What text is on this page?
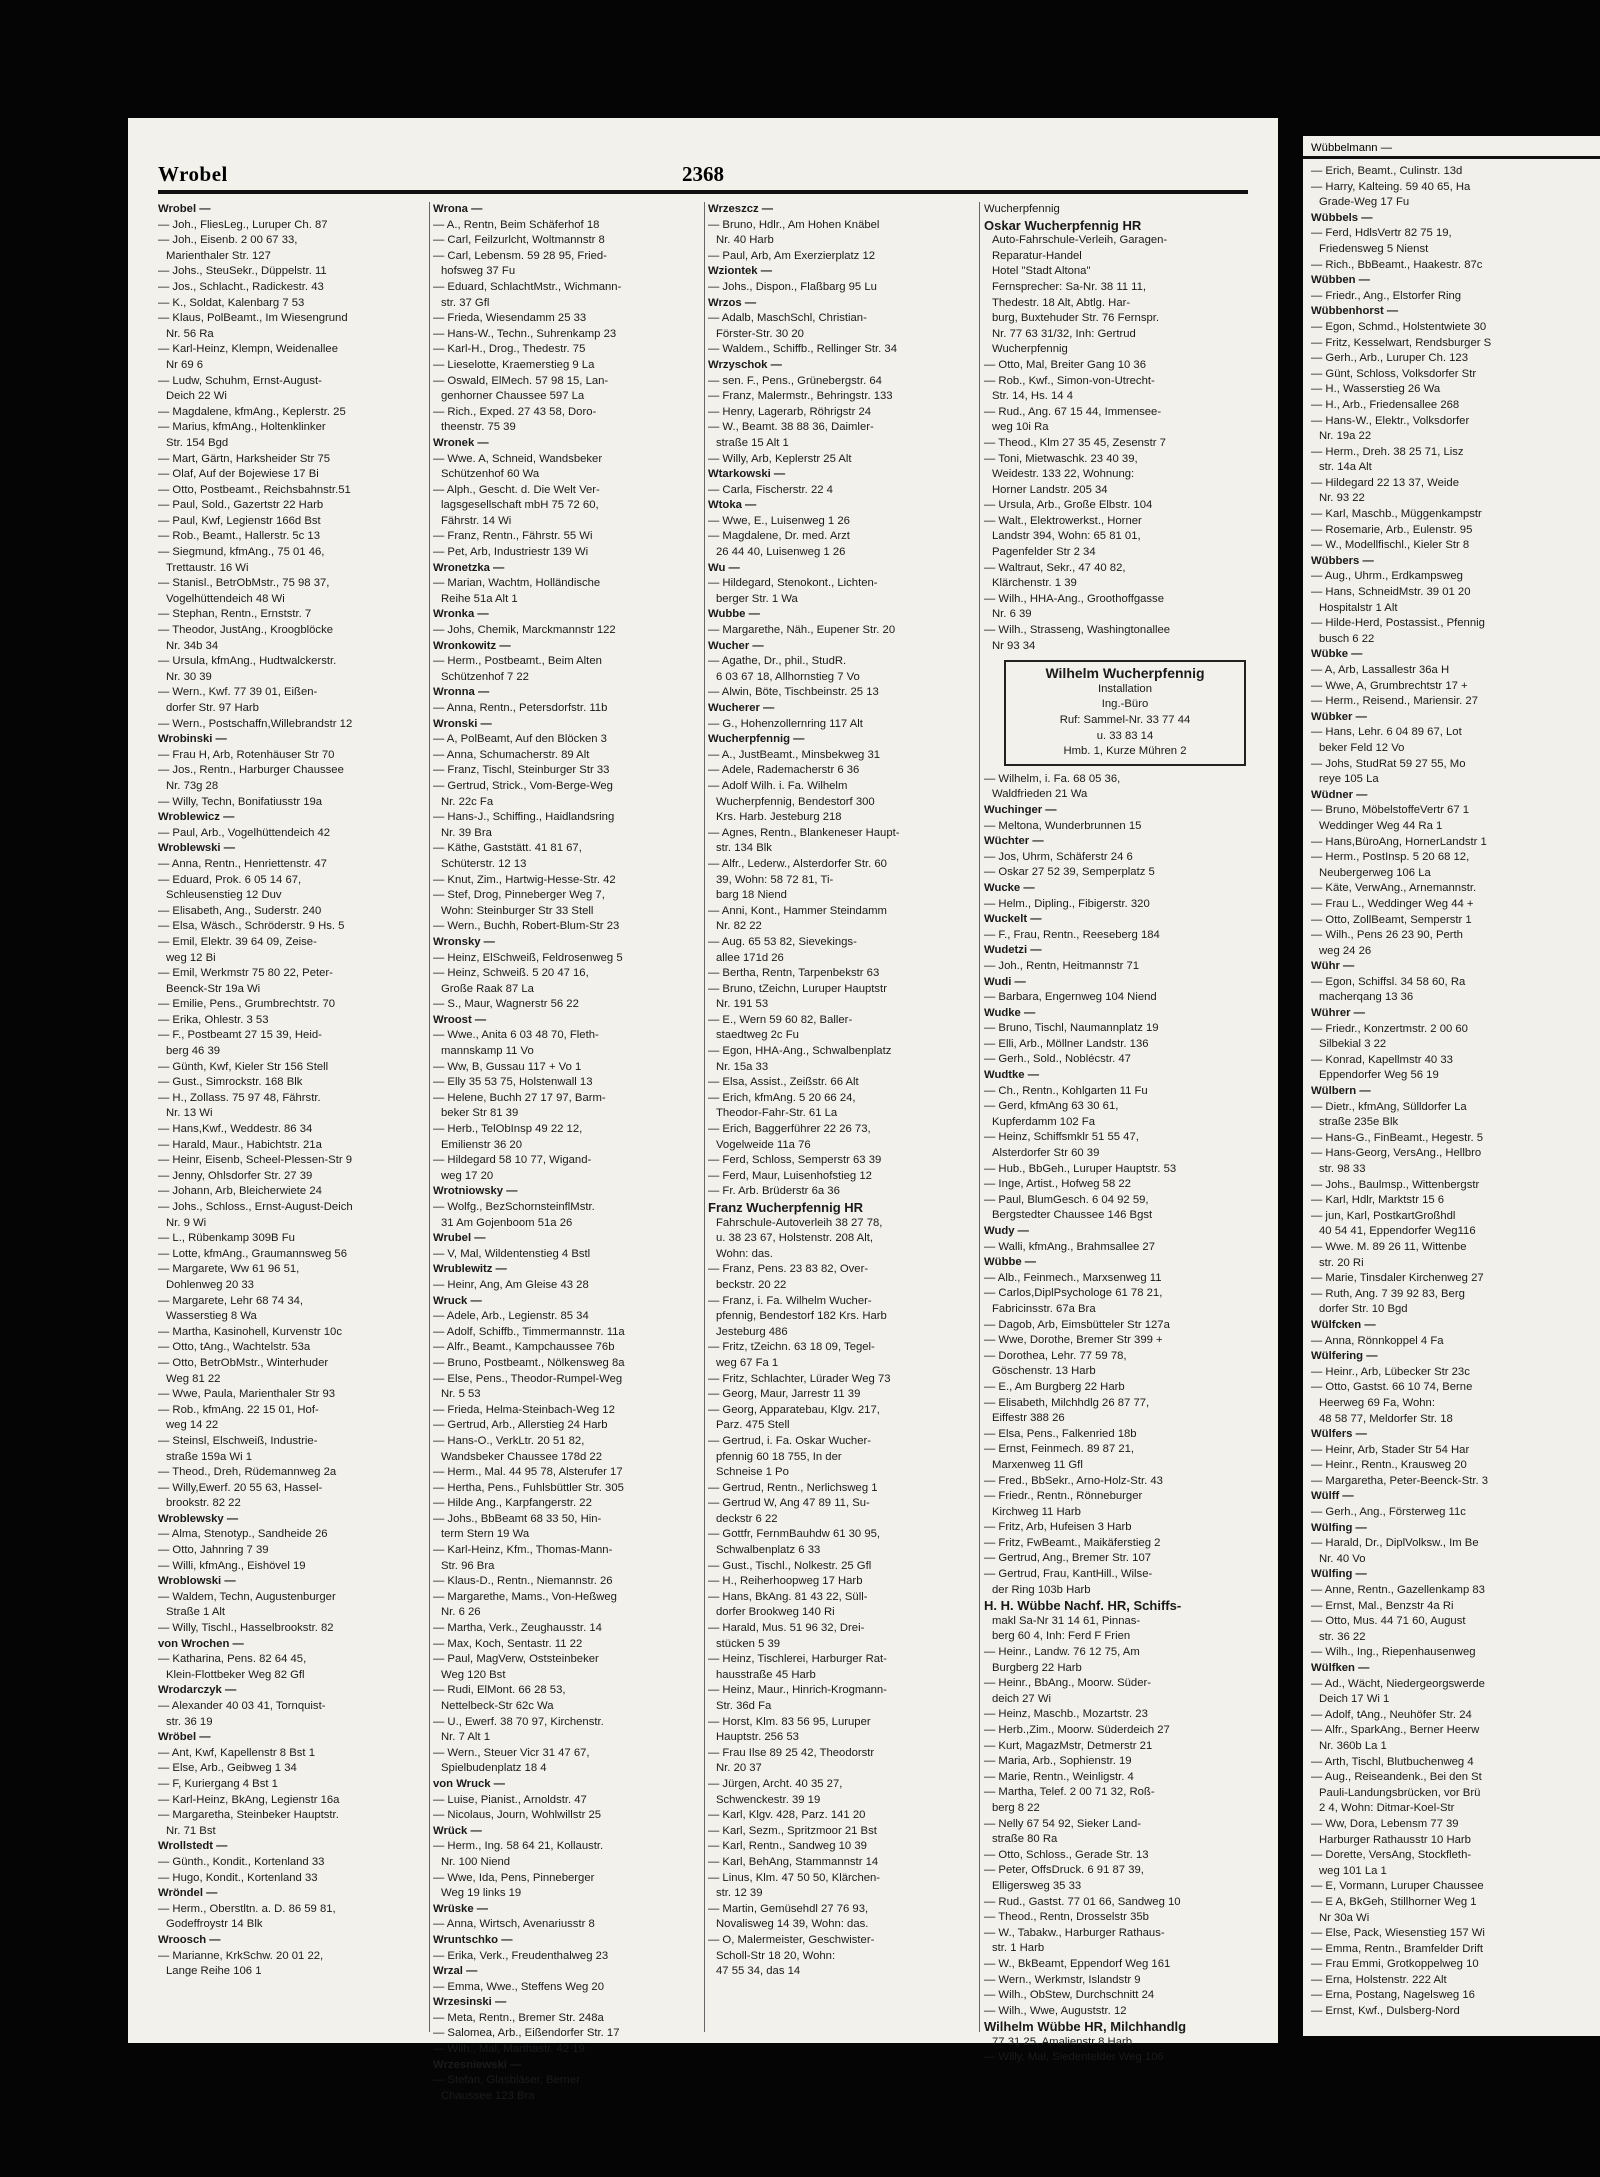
Wrobel	2368
Wrobel —
— Joh., FliesLeg., Luruper Ch. 87
— Joh., Eisenb. 2 00 67 33,
Marienthaler Str. 127
— Johs., SteuSekr., Düppelstr. 11
— Jos., Schlacht., Radickestr. 43
— K., Soldat, Kalenbarg 7 53
— Klaus, PolBeamt., Im Wiesengrund
Nr. 56 Ra
— Karl-Heinz, Klempn, Weidenallee
Nr 69 6
— Ludw, Schuhm, Ernst-August-
Deich 22 Wi
— Magdalene, kfmAng., Keplerstr. 25
— Marius, kfmAng., Holtenklinker
Str. 154 Bgd
— Mart, Gärtn, Harksheider Str 75
— Olaf, Auf der Bojewiese 17 Bi
— Otto, Postbeamt., Reichsbahnstr.51
— Paul, Sold., Gazertstr 22 Harb
— Paul, Kwf, Legienstr 166d Bst
— Rob., Beamt., Hallerstr. 5c 13
— Siegmund, kfmAng., 75 01 46,
Trettaustr. 16 Wi
— Stanisl., BetrObMstr., 75 98 37,
Vogelhüttendeich 48 Wi
— Stephan, Rentn., Ernststr. 7
— Theodor, JustAng., Kroogblöcke
Nr. 34b 34
— Ursula, kfmAng., Hudtwalckerstr.
Nr. 30 39
— Wern., Kwf. 77 39 01, Eißen-
dorfer Str. 97 Harb
— Wern., Postschaffn,Willebrandstr 12
Wrobinski —
— Frau H, Arb, Rotenhäuser Str 70
— Jos., Rentn., Harburger Chaussee
Nr. 73g 28
— Willy, Techn, Bonifatiusstr 19a
Wroblewicz —
— Paul, Arb., Vogelhüttendeich 42
Wroblewski —
— Anna, Rentn., Henriettenstr. 47
— Eduard, Prok. 6 05 14 67,
Schleusenstieg 12 Duv
— Elisabeth, Ang., Suderstr. 240
— Elsa, Wäsch., Schröderstr. 9 Hs. 5
— Emil, Elektr. 39 64 09, Zeise-
weg 12 Bi
— Emil, Werkmstr 75 80 22, Peter-
Beenck-Str 19a Wi
— Emilie, Pens., Grumbrechtstr. 70
— Erika, Ohlestr. 3 53
— F., Postbeamt 27 15 39, Heid-
berg 46 39
— Günth, Kwf, Kieler Str 156 Stell
— Gust., Simrockstr. 168 Blk
— H., Zollass. 75 97 48, Fährstr.
Nr. 13 Wi
— Hans,Kwf., Weddestr. 86 34
— Harald, Maur., Habichtstr. 21a
— Heinr, Eisenb, Scheel-Plessen-Str 9
— Jenny, Ohlsdorfer Str. 27 39
— Johann, Arb, Bleicherwiete 24
— Johs., Schloss., Ernst-August-Deich
Nr. 9 Wi
— L., Rübenkamp 309B Fu
— Lotte, kfmAng., Graumannsweg 56
— Margarete, Ww 61 96 51,
Dohlenweg 20 33
— Margarete, Lehr 68 74 34,
Wasserstieg 8 Wa
— Martha, Kasinohell, Kurvenstr 10c
— Otto, tAng., Wachtelstr. 53a
— Otto, BetrObMstr., Winterhuder
Weg 81 22
— Wwe, Paula, Marienthaler Str 93
— Rob., kfmAng. 22 15 01, Hof-
weg 14 22
— Steinsl, Elschweiß, Industrie-
straße 159a Wi 1
— Theod., Dreh, Rüdemannweg 2a
— Willy,Ewerf. 20 55 63, Hassel-
brookstr. 82 22
Wroblewsky —
— Alma, Stenotyp., Sandheide 26
— Otto, Jahnring 7 39
— Willi, kfmAng., Eishövel 19
Wroblowski —
— Waldem, Techn, Augustenburger
Straße 1 Alt
— Willy, Tischl., Hasselbrookstr. 82
von Wrochen —
— Katharina, Pens. 82 64 45,
Klein-Flottbeker Weg 82 Gfl
Wrodarczyk —
— Alexander 40 03 41, Tornquist-
str. 36 19
Wröbel —
— Ant, Kwf, Kapellenstr 8 Bst 1
— Else, Arb., Geibweg 1 34
— F, Kuriergang 4 Bst 1
— Karl-Heinz, BkAng, Legienstr 16a
— Margaretha, Steinbeker Hauptstr.
Nr. 71 Bst
Wrollstedt —
— Günth., Kondit., Kortenland 33
— Hugo, Kondit., Kortenland 33
Wröndel —
— Herm., Oberstltn. a. D. 86 59 81,
Godeffroystr 14 Blk
Wroosch —
— Marianne, KrkSchw. 20 01 22,
Lange Reihe 106 1
Wrona —
— A., Rentn, Beim Schäferhof 18
— Carl, Feilzurlcht, Woltmannstr 8
— Carl, Lebensm. 59 28 95, Fried-
hofsweg 37 Fu
— Eduard, SchlachtMstr., Wichmann-
str. 37 Gfl
— Frieda, Wiesendamm 25 33
— Hans-W., Techn., Suhrenkamp 23
— Karl-H., Drog., Thedestr. 75
— Lieselotte, Kraemerstieg 9 La
— Oswald, ElMech. 57 98 15, Lan-
genhorner Chaussee 597 La
— Rich., Exped. 27 43 58, Doro-
theenstr. 75 39
Wronek —
— Wwe. A, Schneid, Wandsbeker
Schützenhof 60 Wa
— Alph., Gescht. d. Die Welt Ver-
lagsgesellschaft mbH 75 72 60,
Fährstr. 14 Wi
— Franz, Rentn., Fährstr. 55 Wi
— Pet, Arb, Industriestr 139 Wi
Wronetzka —
— Marian, Wachtm, Holländische
Reihe 51a Alt 1
Wronka —
— Johs, Chemik, Marckmannstr 122
Wronkowitz —
— Herm., Postbeamt., Beim Alten
Schützenhof 7 22
Wronna —
— Anna, Rentn., Petersdorfstr. 11b
Wronski —
— A, PolBeamt, Auf den Blöcken 3
— Anna, Schumacherstr. 89 Alt
— Franz, Tischl, Steinburger Str 33
— Gertrud, Strick., Vom-Berge-Weg
Nr. 22c Fa
— Hans-J., Schiffing., Haidlandsring
Nr. 39 Bra
— Käthe, Gaststätt. 41 81 67,
Schüterstr. 12 13
— Knut, Zim., Hartwig-Hesse-Str. 42
— Stef, Drog, Pinneberger Weg 7,
Wohn: Steinburger Str 33 Stell
— Wern., Buchh, Robert-Blum-Str 23
Wronsky —
— Heinz, ElSchweiß, Feldrosenweg 5
— Heinz, Schweiß. 5 20 47 16,
Große Raak 87 La
— S., Maur, Wagnerstr 56 22
Wroost —
— Wwe., Anita 6 03 48 70, Fleth-
mannskamp 11 Vo
— Ww, B, Gussau 117 + Vo 1
— Elly 35 53 75, Holstenwall 13
— Helene, Buchh 27 17 97, Barm-
beker Str 81 39
— Herb., TelObInsp 49 22 12,
Emilienstr 36 20
— Hildegard 58 10 77, Wigand-
weg 17 20
Wrotniowsky —
— Wolfg., BezSchornsteinflMstr.
31 Am Gojenboom 51a 26
Wrubel —
— V, Mal, Wildentenstieg 4 Bstl
Wrublewitz —
— Heinr, Ang, Am Gleise 43 28
Wruck —
— Adele, Arb., Legienstr. 85 34
— Adolf, Schiffb., Timmermannstr. 11a
— Alfr., Beamt., Kampchaussee 76b
— Bruno, Postbeamt., Nölkensweg 8a
— Else, Pens., Theodor-Rumpel-Weg
Nr. 5 53
— Frieda, Helma-Steinbach-Weg 12
— Gertrud, Arb., Allerstieg 24 Harb
— Hans-O., VerkLtr. 20 51 82,
Wandsbeker Chaussee 178d 22
— Herm., Mal. 44 95 78, Alsterufer 17
— Hertha, Pens., Fuhlsbüttler Str. 305
— Hilde Ang., Karpfangerstr. 22
— Johs., BbBeamt 68 33 50, Hin-
term Stern 19 Wa
— Karl-Heinz, Kfm., Thomas-Mann-
Str. 96 Bra
— Klaus-D., Rentn., Niemannstr. 26
— Margarethe, Mams., Von-Heßweg
Nr. 6 26
— Martha, Verk., Zeughausstr. 14
— Max, Koch, Sentastr. 11 22
— Paul, MagVerw, Oststeinbeker
Weg 120 Bst
— Rudi, ElMont. 66 28 53,
Nettelbeck-Str 62c Wa
— U., Ewerf. 38 70 97, Kirchenstr.
Nr. 7 Alt 1
— Wern., Steuer Vicr 31 47 67,
Spielbudenplatz 18 4
von Wruck —
— Luise, Pianist., Arnoldstr. 47
— Nicolaus, Journ, Wohlwillstr 25
Wrück —
— Herm., Ing. 58 64 21, Kollaustr.
Nr. 100 Niend
— Wwe, Ida, Pens, Pinneberger
Weg 19 links 19
Wrüske —
— Anna, Wirtsch, Avenariusstr 8
Wruntschko —
— Erika, Verk., Freudenthalweg 23
Wrzal —
— Emma, Wwe., Steffens Weg 20
Wrzesinski —
— Meta, Rentn., Bremer Str. 248a
— Salomea, Arb., Eißendorfer Str. 17
— Wilh., Mal, Marthastr. 42 19
Wrzesniewski —
— Stefan, Glasbläser, Berner
Chaussee 123 Bra
Wrzeszcz —
— Bruno, Hdlr., Am Hohen Knäbel
Nr. 40 Harb
— Paul, Arb, Am Exerzierplatz 12
Wziontek —
— Johs., Dispon., Flaßbarg 95 Lu
Wrzos —
— Adalb, MaschSchl, Christian-
Förster-Str. 30 20
— Waldem., Schiffb., Rellinger Str. 34
Wrzyschok —
— sen. F., Pens., Grünebergstr. 64
— Franz, Malermstr., Behringstr. 133
— Henry, Lagerarb, Röhrigstr 24
— W., Beamt. 38 88 36, Daimler-
straße 15 Alt 1
— Willy, Arb, Keplerstr 25 Alt
Wtarkowski —
— Carla, Fischerstr. 22 4
Wtoka —
— Wwe, E., Luisenweg 1 26
— Magdalene, Dr. med. Arzt
26 44 40, Luisenweg 1 26
Wu —
— Hildegard, Stenokont., Lichten-
berger Str. 1 Wa
Wubbe —
— Margarethe, Näh., Eupener Str. 20
Wucher —
— Agathe, Dr., phil., StudR.
6 03 67 18, Allhornstieg 7 Vo
— Alwin, Böte, Tischbeinstr. 25 13
Wucherer —
— G., Hohenzollernring 117 Alt
Wucherpfennig —
— A., JustBeamt., Minsbekweg 31
— Adele, Rademacherstr 6 36
— Adolf Wilh. i. Fa. Wilhelm
Wucherpfennig, Bendestorf 300
Krs. Harb. Jesteburg 218
— Agnes, Rentn., Blankeneser Haupt-
str. 134 Blk
— Alfr., Lederw., Alsterdorfer Str. 60
39, Wohn: 58 72 81, Ti-
barg 18 Niend
— Anni, Kont., Hammer Steindamm
Nr. 82 22
— Aug. 65 53 82, Sievekings-
allee 171d 26
— Bertha, Rentn, Tarpenbekstr 63
— Bruno, tZeichn, Luruper Hauptstr
Nr. 191 53
— E., Wern 59 60 82, Baller-
staedtweg 2c Fu
— Egon, HHA-Ang., Schwalbenplatz
Nr. 15a 33
— Elsa, Assist., Zeißstr. 66 Alt
— Erich, kfmAng. 5 20 66 24,
Theodor-Fahr-Str. 61 La
— Erich, Baggerführer 22 26 73,
Vogelweide 11a 76
— Ferd, Schloss, Semperstr 63 39
— Ferd, Maur, Luisenhofstieg 12
— Fr. Arb. Brüderstr 6a 36
Franz Wucherpfennig HR
Fahrschule-Autoverleih 38 27 78,
u. 38 23 67, Holstenstr. 208 Alt,
Wohn: das.
— Franz, Pens. 23 83 82, Over-
beckstr. 20 22
— Franz, i. Fa. Wilhelm Wucher-
pfennig, Bendestorf 182 Krs. Harb
Jesteburg 486
— Fritz, tZeichn. 63 18 09, Tegel-
weg 67 Fa 1
— Fritz, Schlachter, Lürader Weg 73
— Georg, Maur, Jarrestr 11 39
— Georg, Apparatebau, Klgv. 217,
Parz. 475 Stell
— Gertrud, i. Fa. Oskar Wucher-
pfennig 60 18 755, In der
Schneise 1 Po
— Gertrud, Rentn., Nerlichsweg 1
— Gertrud W, Ang 47 89 11, Su-
deckstr 6 22
— Gottfr, FernmBauhdw 61 30 95,
Schwalbenplatz 6 33
— Gust., Tischl., Nolkestr. 25 Gfl
— H., Reiherhoopweg 17 Harb
— Hans, BkAng. 81 43 22, Süll-
dorfer Brookweg 140 Ri
— Harald, Mus. 51 96 32, Drei-
stücken 5 39
— Heinz, Tischlerei, Harburger Rat-
hausstraße 45 Harb
— Heinz, Maur., Hinrich-Krogmann-
Str. 36d Fa
— Horst, Klm. 83 56 95, Luruper
Hauptstr. 256 53
— Frau Ilse 89 25 42, Theodorstr
Nr. 20 37
— Jürgen, Archt. 40 35 27,
Schwenckestr. 39 19
— Karl, Klgv. 428, Parz. 141 20
— Karl, Sezm., Spritzmoor 21 Bst
— Karl, Rentn., Sandweg 10 39
— Karl, BehAng, Stammannstr 14
— Linus, Klm. 47 50 50, Klärchen-
str. 12 39
— Martin, Gemüsehdl 27 76 93,
Novalisweg 14 39, Wohn: das.
— O, Malermeister, Geschwister-
Scholl-Str 18 20, Wohn:
47 55 34, das 14
Wucherpfennig
Oskar Wucherpfennig HR
Auto-Fahrschule-Verleih, Garagen-
Reparatur-Handel
Hotel "Stadt Altona"
Fernsprecher: Sa-Nr. 38 11 11,
Thedestr. 18 Alt, Abtlg. Har-
burg, Buxtehuder Str. 76 Fernspr.
Nr. 77 63 31/32, Inh: Gertrud
Wucherpfennig
— Otto, Mal, Breiter Gang 10 36
— Rob., Kwf., Simon-von-Utrecht-
Str. 14, Hs. 14 4
— Rud., Ang. 67 15 44, Immensee-
weg 10i Ra
— Theod., Klm 27 35 45, Zesenstr 7
— Toni, Mietwaschk. 23 40 39,
Weidestr. 133 22, Wohnung:
Horner Landstr. 205 34
— Ursula, Arb., Große Elbstr. 104
— Walt., Elektrowerkst., Horner
Landstr 394, Wohn: 65 81 01,
Pagenfelder Str 2 34
— Waltraut, Sekr., 47 40 82,
Klärchenstr. 1 39
— Wilh., HHA-Ang., Groothoffgasse
Nr. 6 39
— Wilh., Strasseng, Washingtonallee
Nr 93 34
Wilhelm Wucherpfennig
Installation
Ing.-Büro
Ruf: Sammel-Nr. 33 77 44
u. 33 83 14
Hmb. 1, Kurze Mühren 2
— Wilhelm, i. Fa. 68 05 36,
Waldfrieden 21 Wa
Wuchinger —
— Meltona, Wunderbrunnen 15
Wüchter —
— Jos, Uhrm, Schäferstr 24 6
— Oskar 27 52 39, Semperplatz 5
Wucke —
— Helm., Dipling., Fibigerstr. 320
Wuckelt —
— F., Frau, Rentn., Reeseberg 184
Wudetzi —
— Joh., Rentn, Heitmannstr 71
Wudi —
— Barbara, Engernweg 104 Niend
Wudke —
— Bruno, Tischl, Naumannplatz 19
— Elli, Arb., Möllner Landstr. 136
— Gerh., Sold., Noblécstr. 47
Wudtke —
— Ch., Rentn., Kohlgarten 11 Fu
— Gerd, kfmAng 63 30 61,
Kupferdamm 102 Fa
— Heinz, Schiffsmklr 51 55 47,
Alsterdorfer Str 60 39
— Hub., BbGeh., Luruper Hauptstr. 53
— Inge, Artist., Hofweg 58 22
— Paul, BlumGesch. 6 04 92 59,
Bergstedter Chaussee 146 Bgst
Wudy —
— Walli, kfmAng., Brahmsallee 27
Wübbe —
— Alb., Feinmech., Marxsenweg 11
— Carlos,DiplPsychologe 61 78 21,
Fabricinsstr. 67a Bra
— Dagob, Arb, Eimsbütteler Str 127a
— Wwe, Dorothe, Bremer Str 399 +
— Dorothea, Lehr. 77 59 78,
Göschenstr. 13 Harb
— E., Am Burgberg 22 Harb
— Elisabeth, Milchhdlg 26 87 77,
Eiffestr 388 26
— Elsa, Pens., Falkenried 18b
— Ernst, Feinmech. 89 87 21,
Marxenweg 11 Gfl
— Fred., BbSekr., Arno-Holz-Str. 43
— Friedr., Rentn., Rönneburger
Kirchweg 11 Harb
— Fritz, Arb, Hufeisen 3 Harb
— Fritz, FwBeamt., Maikäferstieg 2
— Gertrud, Ang., Bremer Str. 107
— Gertrud, Frau, KantHill., Wilse-
der Ring 103b Harb
H. H. Wübbe Nachf. HR, Schiffs-
makl Sa-Nr 31 14 61, Pinnas-
berg 60 4, Inh: Ferd F Frien
— Heinr., Landw. 76 12 75, Am
Burgberg 22 Harb
— Heinr., BbAng., Moorw. Süder-
deich 27 Wi
— Heinz, Maschb., Mozartstr. 23
— Herb.,Zim., Moorw. Süderdeich 27
— Kurt, MagazMstr, Detmerstr 21
— Maria, Arb., Sophienstr. 19
— Marie, Rentn., Weinligstr. 4
— Martha, Telef. 2 00 71 32, Roß-
berg 8 22
— Nelly 67 54 92, Sieker Land-
straße 80 Ra
— Otto, Schloss., Gerade Str. 13
— Peter, OffsDruck. 6 91 87 39,
Elligersweg 35 33
— Rud., Gastst. 77 01 66, Sandweg 10
— Theod., Rentn, Drosselstr 35b
— W., Tabakw., Harburger Rathaus-
str. 1 Harb
— W., BkBeamt, Eppendorf Weg 161
— Wern., Werkmstr, Islandstr 9
— Wilh., ObStew, Durchschnitt 24
— Wilh., Wwe, Auguststr. 12
Wilhelm Wübbe HR, Milchhandlg
77 31 25, Amalienstr 8 Harb
— Willy, Mal, Siedentelder Weg 106
Wübbelmann —
— Erich, Beamt., Culinstr. 13d
— Harry, Kalteing. 59 40 65, Ha
Grade-Weg 17 Fu
Wübbels —
— Ferd, HdlsVertr 82 75 19,
Friedensweg 5 Nienst
— Rich., BbBeamt., Haakestr. 87c
Wübben —
— Friedr., Ang., Elstorfer Ring
Wübbenhorst —
— Egon, Schmd., Holstentwiete 30
— Fritz, Kesselwart, Rendsburger S
— Gerh., Arb., Luruper Ch. 123
— Günt, Schloss, Volksdorfer Str
— H., Wasserstieg 26 Wa
— H., Arb., Friedensallee 268
— Hans-W., Elektr., Volksdorfer
Nr. 19a 22
— Herm., Dreh. 38 25 71, Lisz
str. 14a Alt
— Hildegard 22 13 37, Weide
Nr. 93 22
— Karl, Maschb., Müggenkampstr
— Rosemarie, Arb., Eulenstr. 95
— W., Modellfischl., Kieler Str 8
Wübbers —
— Aug., Uhrm., Erdkampsweg
— Hans, SchneidMstr. 39 01 20
Hospitalstr 1 Alt
— Hilde-Herd, Postassist., Pfennig
busch 6 22
Wübke —
— A, Arb, Lassallestr 36a H
— Wwe, A, Grumbrechtstr 17 +
— Herm., Reisend., Mariensir. 27
Wübker —
— Hans, Lehr. 6 04 89 67, Lot
beker Feld 12 Vo
— Johs, StudRat 59 27 55, Mo
reye 105 La
Wüdner —
— Bruno, MöbelstoffeVertr 67 1
Weddinger Weg 44 Ra 1
— Hans,BüroAng, HornerLandstr 1
— Herm., PostInsp. 5 20 68 12,
Neubergerweg 106 La
— Käte, VerwAng., Arnemannstr.
— Frau L., Weddinger Weg 44 +
— Otto, ZollBeamt, Semperstr 1
— Wilh., Pens 26 23 90, Perth
weg 24 26
Wühr —
— Egon, Schiffsl. 34 58 60, Ra
macherqang 13 36
Wührer —
— Friedr., Konzertmstr. 2 00 60
Silbekial 3 22
— Konrad, Kapellmstr 40 33
Eppendorfer Weg 56 19
Wülbern —
— Dietr., kfmAng, Sülldorfer La
straße 235e Blk
— Hans-G., FinBeamt., Hegestr. 5
— Hans-Georg, VersAng., Hellbro
str. 98 33
— Johs., Baulmsp., Wittenbergstr
— Karl, Hdlr, Marktstr 15 6
— jun, Karl, PostkartGroßhdl
40 54 41, Eppendorfer Weg116
— Wwe. M. 89 26 11, Wittenbe
str. 20 Ri
— Marie, Tinsdaler Kirchenweg 27
— Ruth, Ang. 7 39 92 83, Berg
dorfer Str. 10 Bgd
Wülfcken —
— Anna, Rönnkoppel 4 Fa
Wülfering —
— Heinr., Arb, Lübecker Str 23c
— Otto, Gastst. 66 10 74, Berne
Heerweg 69 Fa, Wohn:
48 58 77, Meldorfer Str. 18
Wülfers —
— Heinr, Arb, Stader Str 54 Har
— Heinr., Rentn., Krausweg 20
— Margaretha, Peter-Beenck-Str. 3
Wülff —
— Gerh., Ang., Försterweg 11c
Wülfing —
— Harald, Dr., DiplVolksw., Im Be
Nr. 40 Vo
Wülfing —
— Anne, Rentn., Gazellenkamp 83
— Ernst, Mal., Benzstr 4a Ri
— Otto, Mus. 44 71 60, August
str. 36 22
— Wilh., Ing., Riepenhausenweg
Wülfken —
— Ad., Wächt, Niedergeorgswerde
Deich 17 Wi 1
— Adolf, tAng., Neuhöfer Str. 24
— Alfr., SparkAng., Berner Heerw
Nr. 360b La 1
— Arth, Tischl, Blutbuchenweg 4
— Aug., Reiseandenk., Bei den St
Pauli-Landungsbrücken, vor Brü
2 4, Wohn: Ditmar-Koel-Str
— Ww, Dora, Lebensm 77 39
Harburger Rathausstr 10 Harb
— Dorette, VersAng, Stockfleth-
weg 101 La 1
— E, Vormann, Luruper Chaussee
— E A, BkGeh, Stillhorner Weg 1
Nr 30a Wi
— Else, Pack, Wiesenstieg 157 Wi
— Emma, Rentn., Bramfelder Drift
— Frau Emmi, Grotkoppelweg 10
— Erna, Holstenstr. 222 Alt
— Erna, Postang, Nagelsweg 16
— Ernst, Kwf., Dulsberg-Nord
